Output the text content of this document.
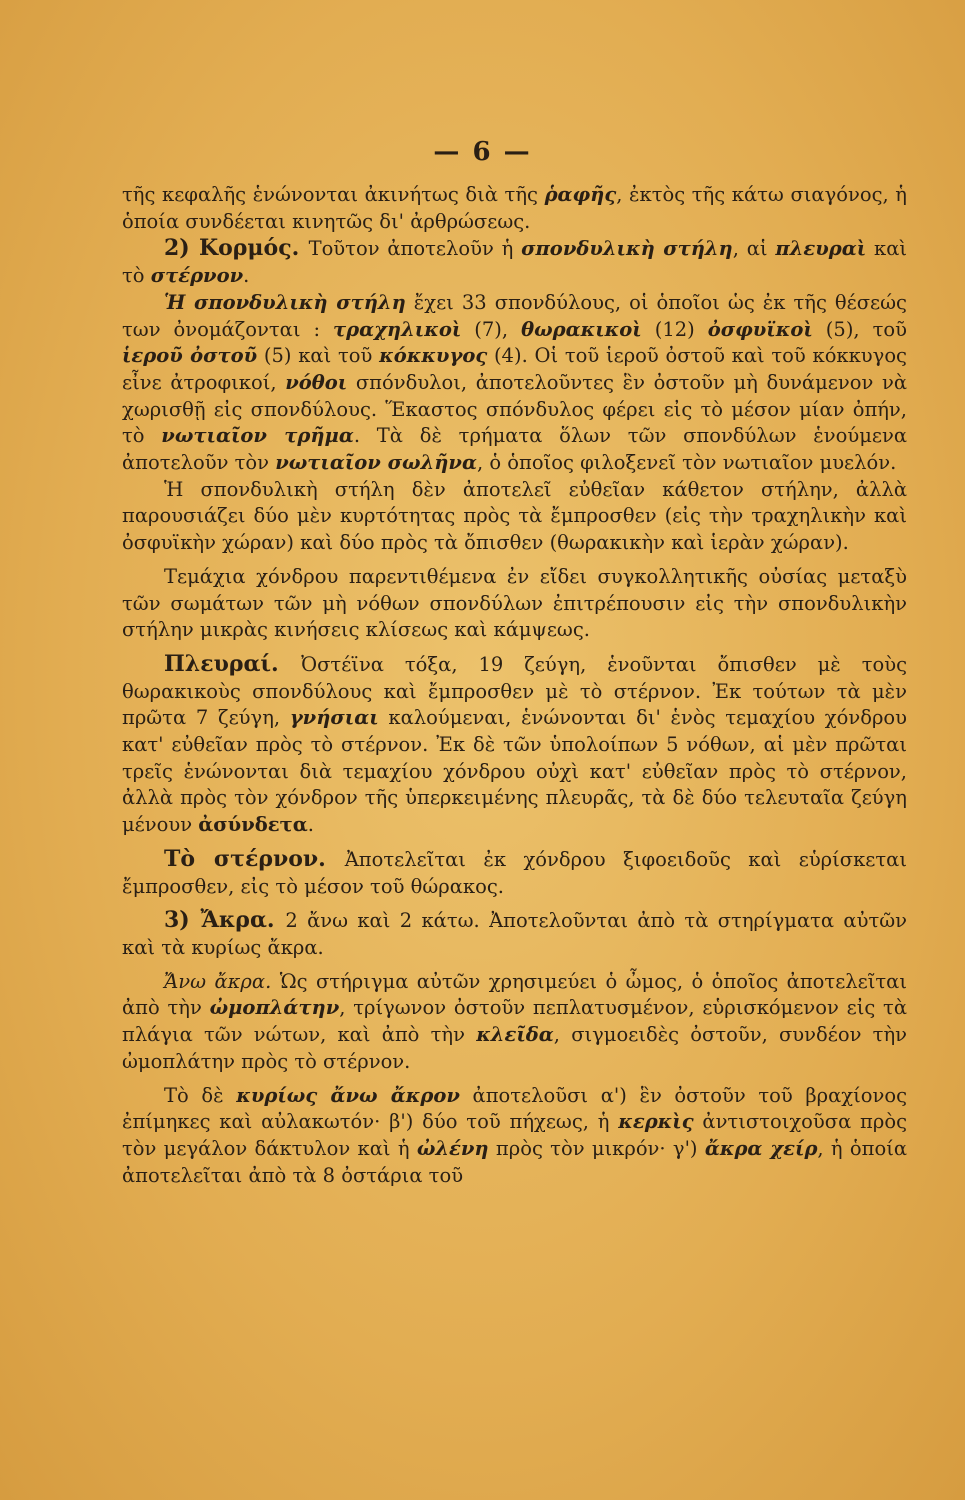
— 6 —

τῆς κεφαλῆς ἑνώνονται ἀκινήτως διὰ τῆς ῥαφῆς, ἐκτὸς τῆς κάτω σιαγόνος, ἡ ὁποία συνδέεται κινητῶς δι' ἀρθρώσεως.

2) Κορμός. Τοῦτον ἀποτελοῦν ἡ σπονδυλικὴ στήλη, αἱ πλευραὶ καὶ τὸ στέρνον.

Ἡ σπονδυλικὴ στήλη ἔχει 33 σπονδύλους, οἱ ὁποῖοι ὡς ἐκ τῆς θέσεώς των ὀνομάζονται : τραχηλικοὶ (7), θωρακικοὶ (12) ὀσφυϊκοὶ (5), τοῦ ἱεροῦ ὀστοῦ (5) καὶ τοῦ κόκκυγος (4). Οἱ τοῦ ἱεροῦ ὀστοῦ καὶ τοῦ κόκκυγος εἶνε ἀτροφικοί, νόθοι σπόνδυλοι, ἀποτελοῦντες ἓν ὀστοῦν μὴ δυνάμενον νὰ χωρισθῇ εἰς σπονδύλους. Ἕκαστος σπόνδυλος φέρει εἰς τὸ μέσον μίαν ὀπήν, τὸ νωτιαῖον τρῆμα. Τὰ δὲ τρήματα ὅλων τῶν σπονδύλων ἑνούμενα ἀποτελοῦν τὸν νωτιαῖον σωλῆνα, ὁ ὁποῖος φιλοξενεῖ τὸν νωτιαῖον μυελόν.

Ἡ σπονδυλικὴ στήλη δὲν ἀποτελεῖ εὐθεῖαν κάθετον στήλην, ἀλλὰ παρουσιάζει δύο μὲν κυρτότητας πρὸς τὰ ἔμπροσθεν (εἰς τὴν τραχηλικὴν καὶ ὀσφυϊκὴν χώραν) καὶ δύο πρὸς τὰ ὄπισθεν (θωρακικὴν καὶ ἱερὰν χώραν).

Τεμάχια χόνδρου παρεντιθέμενα ἐν εἴδει συγκολλητικῆς οὐσίας μεταξὺ τῶν σωμάτων τῶν μὴ νόθων σπονδύλων ἐπιτρέπουσιν εἰς τὴν σπονδυλικὴν στήλην μικρὰς κινήσεις κλίσεως καὶ κάμψεως.

Πλευραί. Ὀστέϊνα τόξα, 19 ζεύγη, ἑνοῦνται ὄπισθεν μὲ τοὺς θωρακικοὺς σπονδύλους καὶ ἔμπροσθεν μὲ τὸ στέρνον. Ἐκ τούτων τὰ μὲν πρῶτα 7 ζεύγη, γνήσιαι καλούμεναι, ἑνώνονται δι' ἑνὸς τεμαχίου χόνδρου κατ' εὐθεῖαν πρὸς τὸ στέρνον. Ἐκ δὲ τῶν ὑπολοίπων 5 νόθων, αἱ μὲν πρῶται τρεῖς ἑνώνονται διὰ τεμαχίου χόνδρου οὐχὶ κατ' εὐθεῖαν πρὸς τὸ στέρνον, ἀλλὰ πρὸς τὸν χόνδρον τῆς ὑπερκειμένης πλευρᾶς, τὰ δὲ δύο τελευταῖα ζεύγη μένουν ἀσύνδετα.

Τὸ στέρνον. Ἀποτελεῖται ἐκ χόνδρου ξιφοειδοῦς καὶ εὑρίσκεται ἔμπροσθεν, εἰς τὸ μέσον τοῦ θώρακος.

3) Ἄκρα. 2 ἄνω καὶ 2 κάτω. Ἀποτελοῦνται ἀπὸ τὰ στηρίγματα αὐτῶν καὶ τὰ κυρίως ἄκρα.

Ἄνω ἄκρα. Ὡς στήριγμα αὐτῶν χρησιμεύει ὁ ὦμος, ὁ ὁποῖος ἀποτελεῖται ἀπὸ τὴν ὠμοπλάτην, τρίγωνον ὀστοῦν πεπλατυσμένον, εὑρισκόμενον εἰς τὰ πλάγια τῶν νώτων, καὶ ἀπὸ τὴν κλεῖδα, σιγμοειδὲς ὀστοῦν, συνδέον τὴν ὠμοπλάτην πρὸς τὸ στέρνον.

Τὸ δὲ κυρίως ἄνω ἄκρον ἀποτελοῦσι α') ἓν ὀστοῦν τοῦ βραχίονος ἐπίμηκες καὶ αὐλακωτόν· β') δύο τοῦ πήχεως, ἡ κερκὶς ἀντιστοιχοῦσα πρὸς τὸν μεγάλον δάκτυλον καὶ ἡ ὠλένη πρὸς τὸν μικρόν· γ') ἄκρα χείρ, ἡ ὁποία ἀποτελεῖται ἀπὸ τὰ 8 ὀστάρια τοῦ
